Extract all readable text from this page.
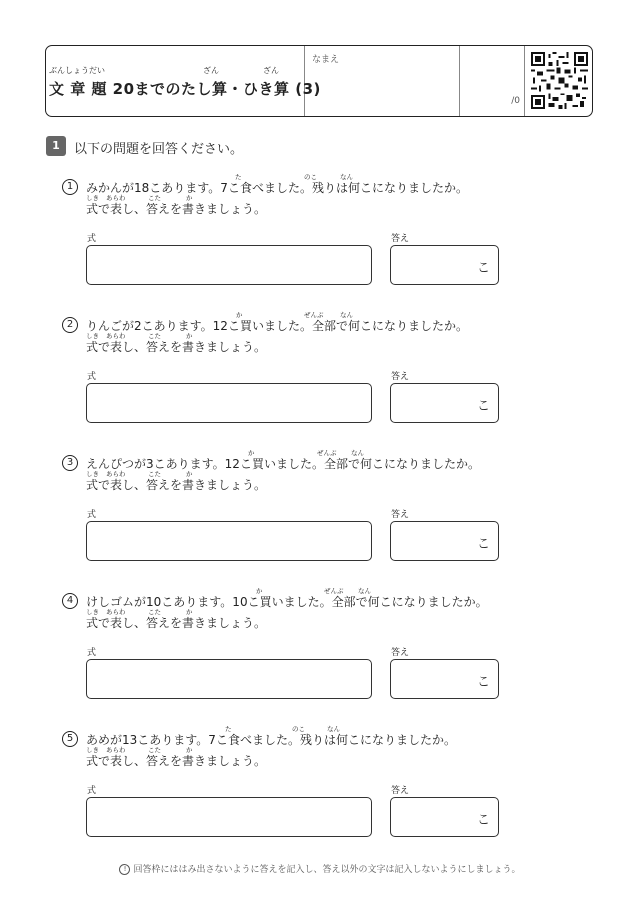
ぶんしょうだい	ざん	ざん
文 章 題 20までのたし算・ひき算 (3)
なまえ
/0
1	以下の問題を回答ください。
た	のこ	なん
1	みかんが18こあります。7こ食べました。残りは何こになりましたか。
しき あらわ	こた	か
式で表し、答えを書きましょう。
式	答え
こ
か	ぜんぶ	なん
2	りんごが2こあります。12こ買いました。全部で何こになりましたか。
しき あらわ	こた	か
式で表し、答えを書きましょう。
式	答え
こ
か	ぜんぶ なん
3	えんぴつが3こあります。12こ買いました。全部で何こになりましたか。
しき あらわ	こた	か
式で表し、答えを書きましょう。
式	答え
こ
か	ぜんぶ なん
4	けしゴムが10こあります。10こ買いました。全部で何こになりましたか。
しき あらわ	こた	か
式で表し、答えを書きましょう。
式	答え
こ
た	のこ	なん
5	あめが13こあります。7こ食べました。残りは何こになりましたか。
しき あらわ	こた	か
式で表し、答えを書きましょう。
式	答え
こ
! 回答枠にははみ出さないように答えを記入し、答え以外の文字は記入しないようにしましょう。
